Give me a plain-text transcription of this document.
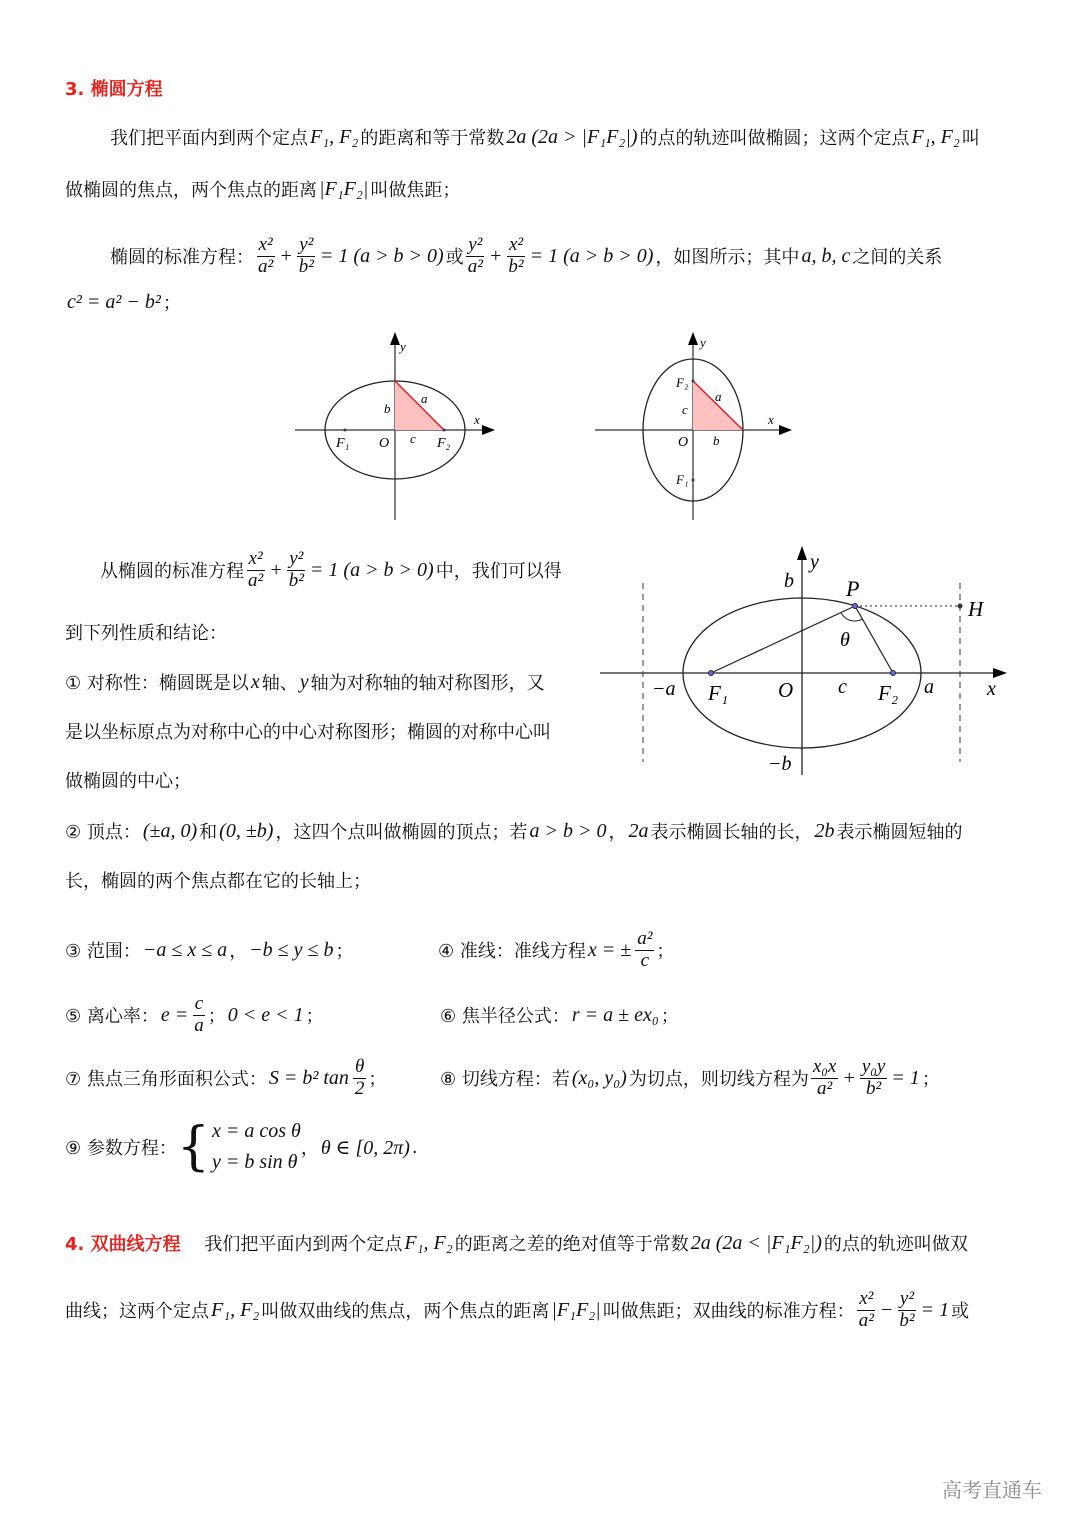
3. 椭圆方程
我们把平面内到两个定点 F₁, F₂ 的距离和等于常数 2a (2a > |F₁F₂|) 的点的轨迹叫做椭圆；这两个定点 F₁, F₂ 叫
做椭圆的焦点，两个焦点的距离 |F₁F₂| 叫做焦距；
椭圆的标准方程： $\frac{\text{x²}}{\text{a²}} + \frac{\text{y²}}{\text{b²}} = 1$ (a > b > 0) 或 $\frac{\text{y²}}{\text{a²}} + \frac{\text{x²}}{\text{b²}} = 1$ (a > b > 0) ，如图所示；其中 a, b, c 之间的关系
c² = a² − b² ；
从椭圆的标准方程 $\frac{\text{x²}}{\text{a²}} + \frac{\text{y²}}{\text{b²}} = 1$ (a > b > 0) 中，我们可以得
到下列性质和结论：
① 对称性：椭圆既是以 x 轴、 y 轴为对称轴的轴对称图形，又
是以坐标原点为对称中心的中心对称图形；椭圆的对称中心叫
做椭圆的中心；
② 顶点： (±a, 0) 和 (0, ±b) ，这四个点叫做椭圆的顶点；若 a > b > 0 ， 2a 表示椭圆长轴的长， 2b 表示椭圆短轴的
长，椭圆的两个焦点都在它的长轴上；
③ 范围： −a ≤ x ≤ a ， −b ≤ y ≤ b ；	④ 准线：准线方程 x = ± $\frac{\text{a²}}{c}$ ；
⑤ 离心率： $e = \frac{c}{a}$ ； 0 < e < 1 ；	⑥ 焦半径公式： r = a ± ex₀ ；
⑦ 焦点三角形面积公式： S = b² $\tan \frac{\theta}{2}$ ；	⑧ 切线方程：若 (x₀, y₀) 为切点，则切线方程为 $\frac{\text{x₀x}}{\text{a²}} + \frac{\text{y₀y}}{\text{b²}} = 1$ ；
⑨ 参数方程： { x = a cos θ
y = b sin θ
， θ ∈ [0, 2π) .
4. 双曲线方程 　 我们把平面内到两个定点 F₁, F₂ 的距离之差的绝对值等于常数 2a (2a < |F₁F₂|) 的点的轨迹叫做双
曲线；这两个定点 F₁, F₂ 叫做双曲线的焦点，两个焦点的距离 |F₁F₂| 叫做焦距；双曲线的标准方程： $\frac{\text{x²}}{\text{a²}} - \frac{\text{y²}}{\text{b²}} = 1$ 或
y
x
b
a
c
O
F₁	F₂
y
x
F₂
a
c
O b
F₁
y
x
b P
H
θ
−a F₁ O c F₂ a
−b
高考直通车
